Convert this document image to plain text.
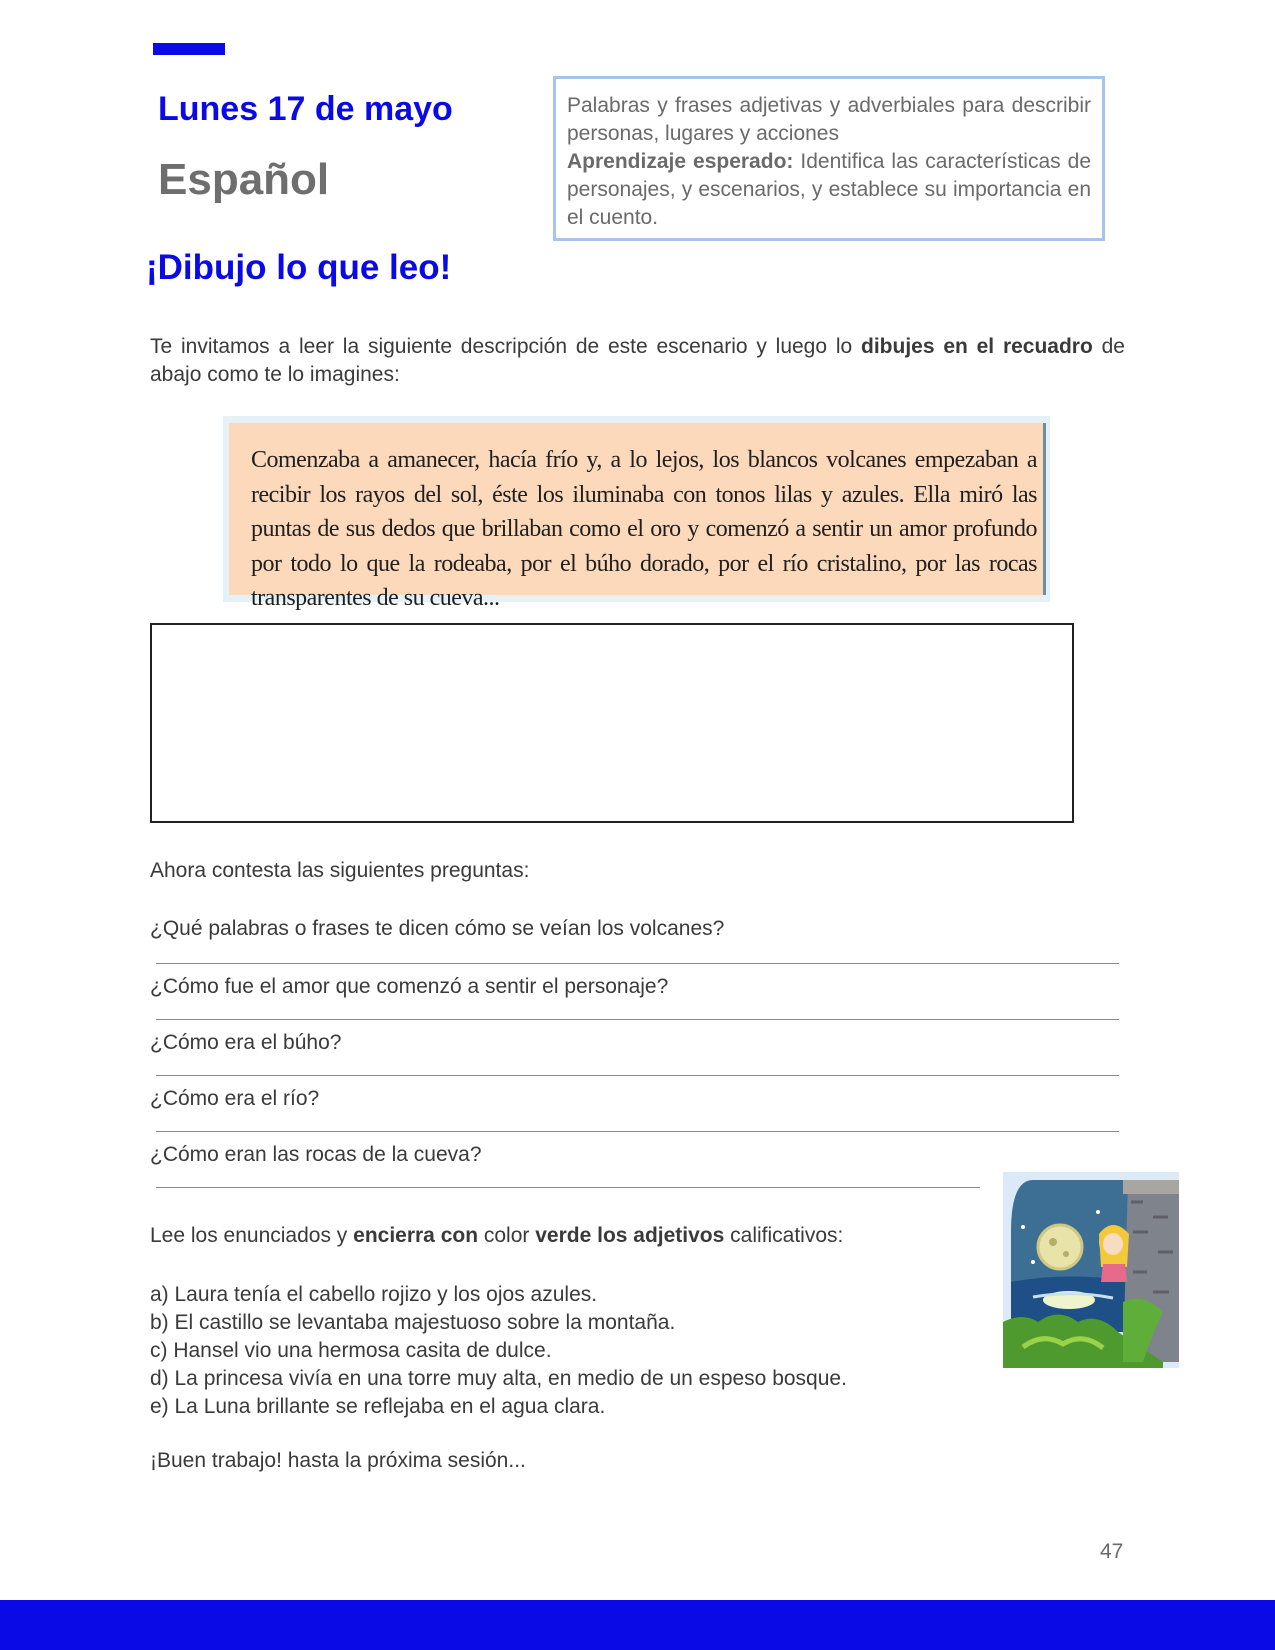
Lunes 17 de mayo
Español
Palabras y frases adjetivas y adverbiales para describir personas, lugares y acciones
Aprendizaje esperado: Identifica las características de personajes, y escenarios, y establece su importancia en el cuento.
¡Dibujo lo que leo!
Te invitamos a leer la siguiente descripción de este escenario y luego lo dibujes en el recuadro de abajo como te lo imagines:
Comenzaba a amanecer, hacía frío y, a lo lejos, los blancos volcanes empezaban a recibir los rayos del sol, éste los iluminaba con tonos lilas y azules. Ella miró las puntas de sus dedos que brillaban como el oro y comenzó a sentir un amor profundo por todo lo que la rodeaba, por el búho dorado, por el río cristalino, por las rocas transparentes de su cueva...
Ahora contesta las siguientes preguntas:
¿Qué palabras o frases te dicen cómo se veían los volcanes?
¿Cómo fue el amor que comenzó a sentir el personaje?
¿Cómo era el búho?
¿Cómo era el río?
¿Cómo eran las rocas de la cueva?
Lee los enunciados y encierra con color verde los adjetivos calificativos:
a) Laura tenía el cabello rojizo y los ojos azules.
b) El castillo se levantaba majestuoso sobre la montaña.
c) Hansel vio una hermosa casita de dulce.
d) La princesa vivía en una torre muy alta, en medio de un espeso bosque.
e) La Luna brillante se reflejaba en el agua clara.
¡Buen trabajo! hasta la próxima sesión...
47
